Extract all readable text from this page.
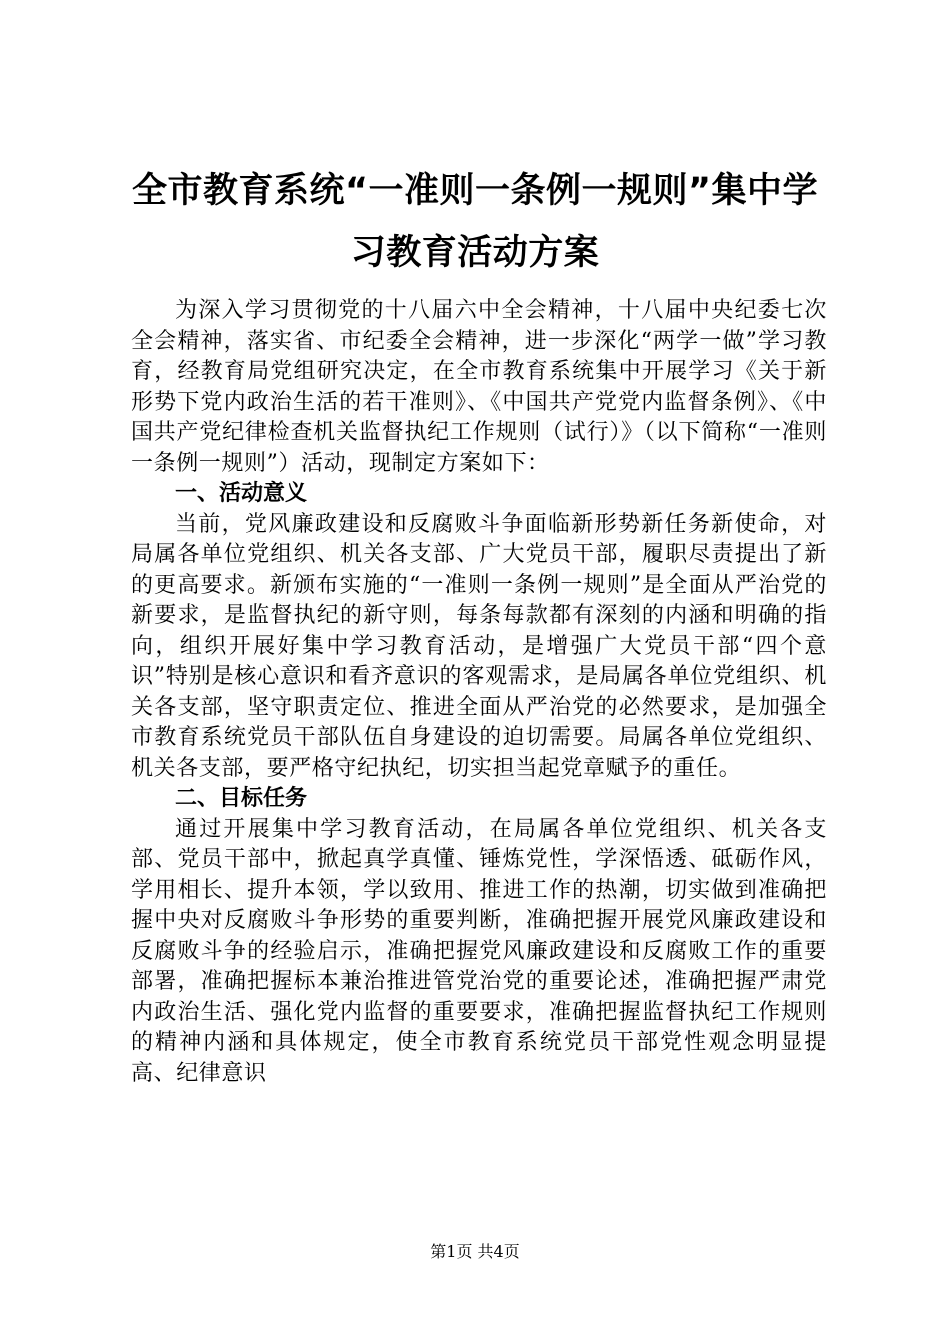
全市教育系统“一准则一条例一规则”集中学习教育活动方案

为深入学习贯彻党的十八届六中全会精神，十八届中央纪委七次全会精神，落实省、市纪委全会精神，进一步深化“两学一做”学习教育，经教育局党组研究决定，在全市教育系统集中开展学习《关于新形势下党内政治生活的若干准则》、《中国共产党党内监督条例》、《中国共产党纪律检查机关监督执纪工作规则（试行）》（以下简称“一准则一条例一规则”）活动，现制定方案如下：

一、活动意义

当前，党风廉政建设和反腐败斗争面临新形势新任务新使命，对局属各单位党组织、机关各支部、广大党员干部，履职尽责提出了新的更高要求。新颁布实施的“一准则一条例一规则”是全面从严治党的新要求，是监督执纪的新守则，每条每款都有深刻的内涵和明确的指向，组织开展好集中学习教育活动，是增强广大党员干部“四个意识”特别是核心意识和看齐意识的客观需求，是局属各单位党组织、机关各支部，坚守职责定位、推进全面从严治党的必然要求，是加强全市教育系统党员干部队伍自身建设的迫切需要。局属各单位党组织、机关各支部，要严格守纪执纪，切实担当起党章赋予的重任。

二、目标任务

通过开展集中学习教育活动，在局属各单位党组织、机关各支部、党员干部中，掀起真学真懂、锤炼党性，学深悟透、砥砺作风，学用相长、提升本领，学以致用、推进工作的热潮，切实做到准确把握中央对反腐败斗争形势的重要判断，准确把握开展党风廉政建设和反腐败斗争的经验启示，准确把握党风廉政建设和反腐败工作的重要部署，准确把握标本兼治推进管党治党的重要论述，准确把握严肃党内政治生活、强化党内监督的重要要求，准确把握监督执纪工作规则的精神内涵和具体规定，使全市教育系统党员干部党性观念明显提高、纪律意识

第1页 共4页
